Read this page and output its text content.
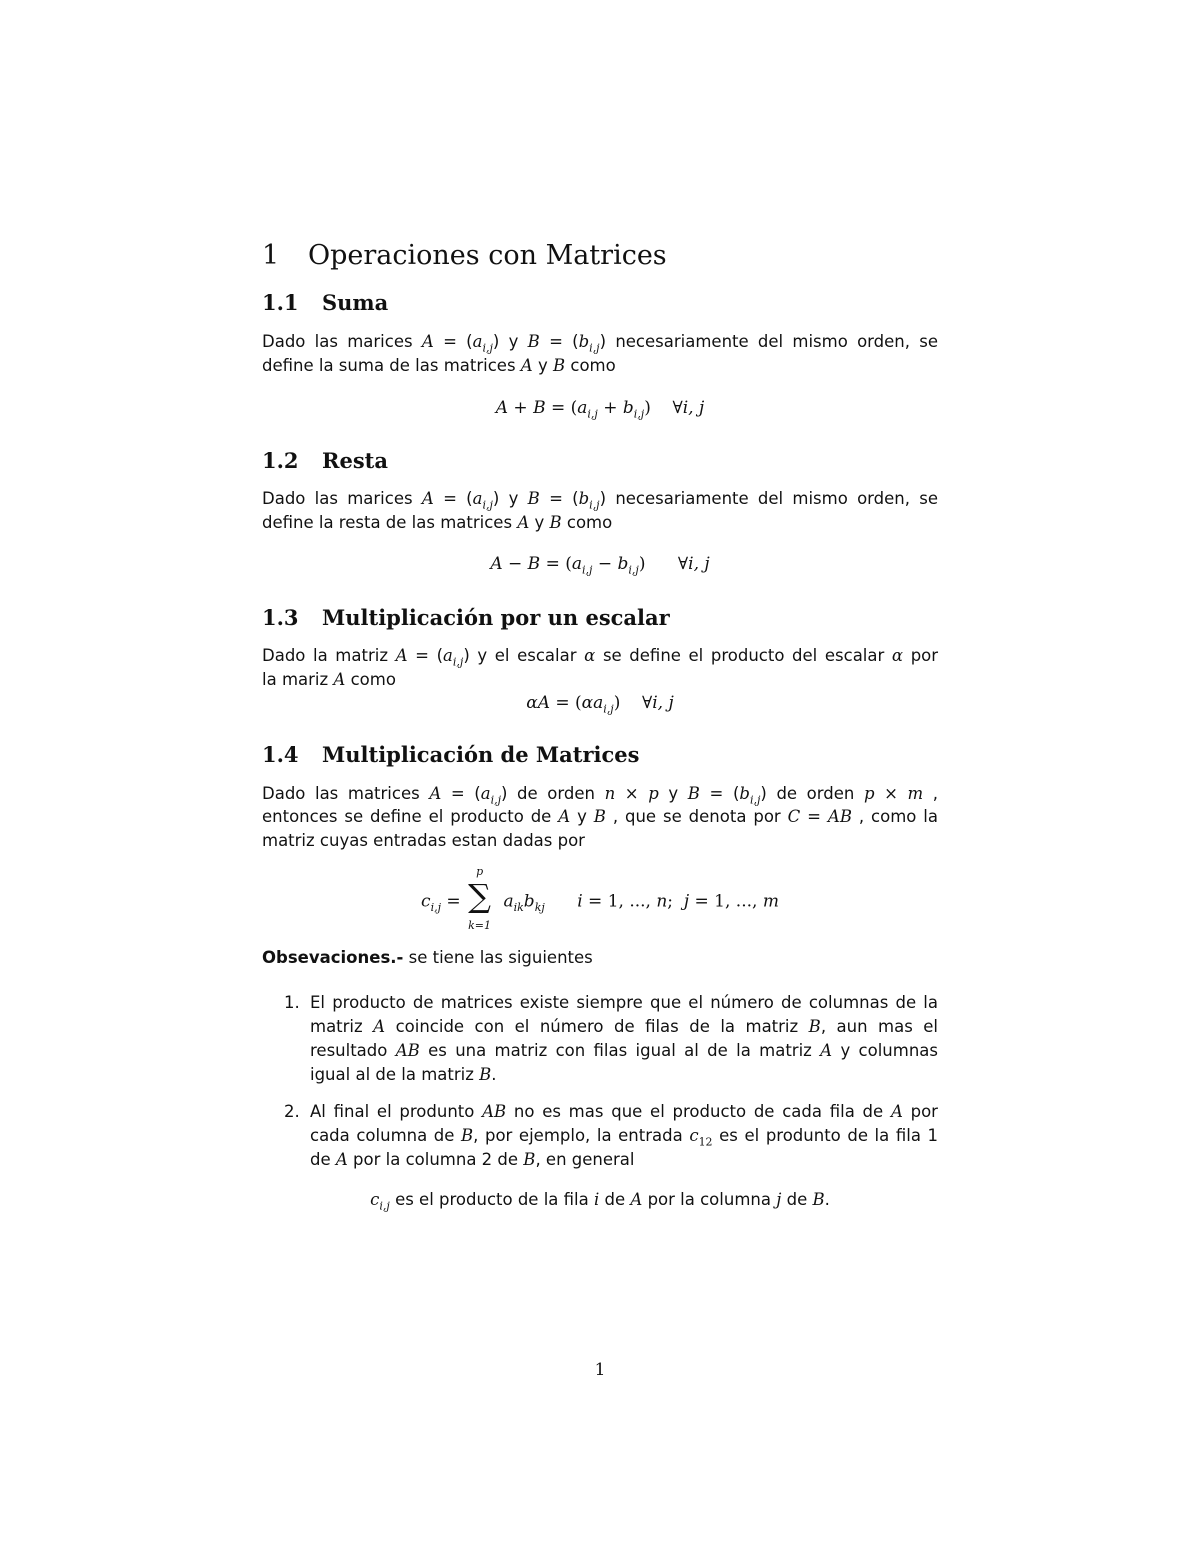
1 Operaciones con Matrices
1.1 Suma
Dado las marices $A = (a_{i,j})$ y $B = (b_{i,j})$ necesariamente del mismo orden, se
define la suma de las matrices A y B como
$A + B = (a_{i,j} + b_{i,j})$    ∀i, j
1.2 Resta
Dado las marices $A = (a_{i,j})$ y $B = (b_{i,j})$ necesariamente del mismo orden, se
define la resta de las matrices A y B como
$A - B = (a_{i,j} - b_{i,j})$      ∀i, j
1.3 Multiplicación por un escalar
Dado la matriz $A = (a_{i,j})$ y el escalar α se define el producto del escalar α por
la mariz A como
$\alpha A = (\alpha a_{i,j})$    ∀i, j
1.4 Multiplicación de Matrices
Dado las matrices $A = (a_{i,j})$ de orden n × p y $B = (b_{i,j})$ de orden p × m ,
entonces se define el producto de A y B , que se denota por C = AB , como la
matriz cuyas entradas estan dadas por
$c_{i,j}$ =
p
∑
k=1
$a_{ik}b_{kj}$ i = 1, ..., n;  j = 1, ..., m
Obsevaciones.- se tiene las siguientes
1. El producto de matrices existe siempre que el número de columnas de la matriz A coincide con el número de filas de la matriz B, aun mas el resultado AB es una matriz con filas igual al de la matriz A y columnas igual al de la matriz B.
2. Al final el produnto AB no es mas que el producto de cada fila de A por cada columna de B, por ejemplo, la entrada $c_{12}$ es el produnto de la fila 1 de A por la columna 2 de B, en general
$c_{i,j}$ es el producto de la fila i de A por la columna j de B.
1
